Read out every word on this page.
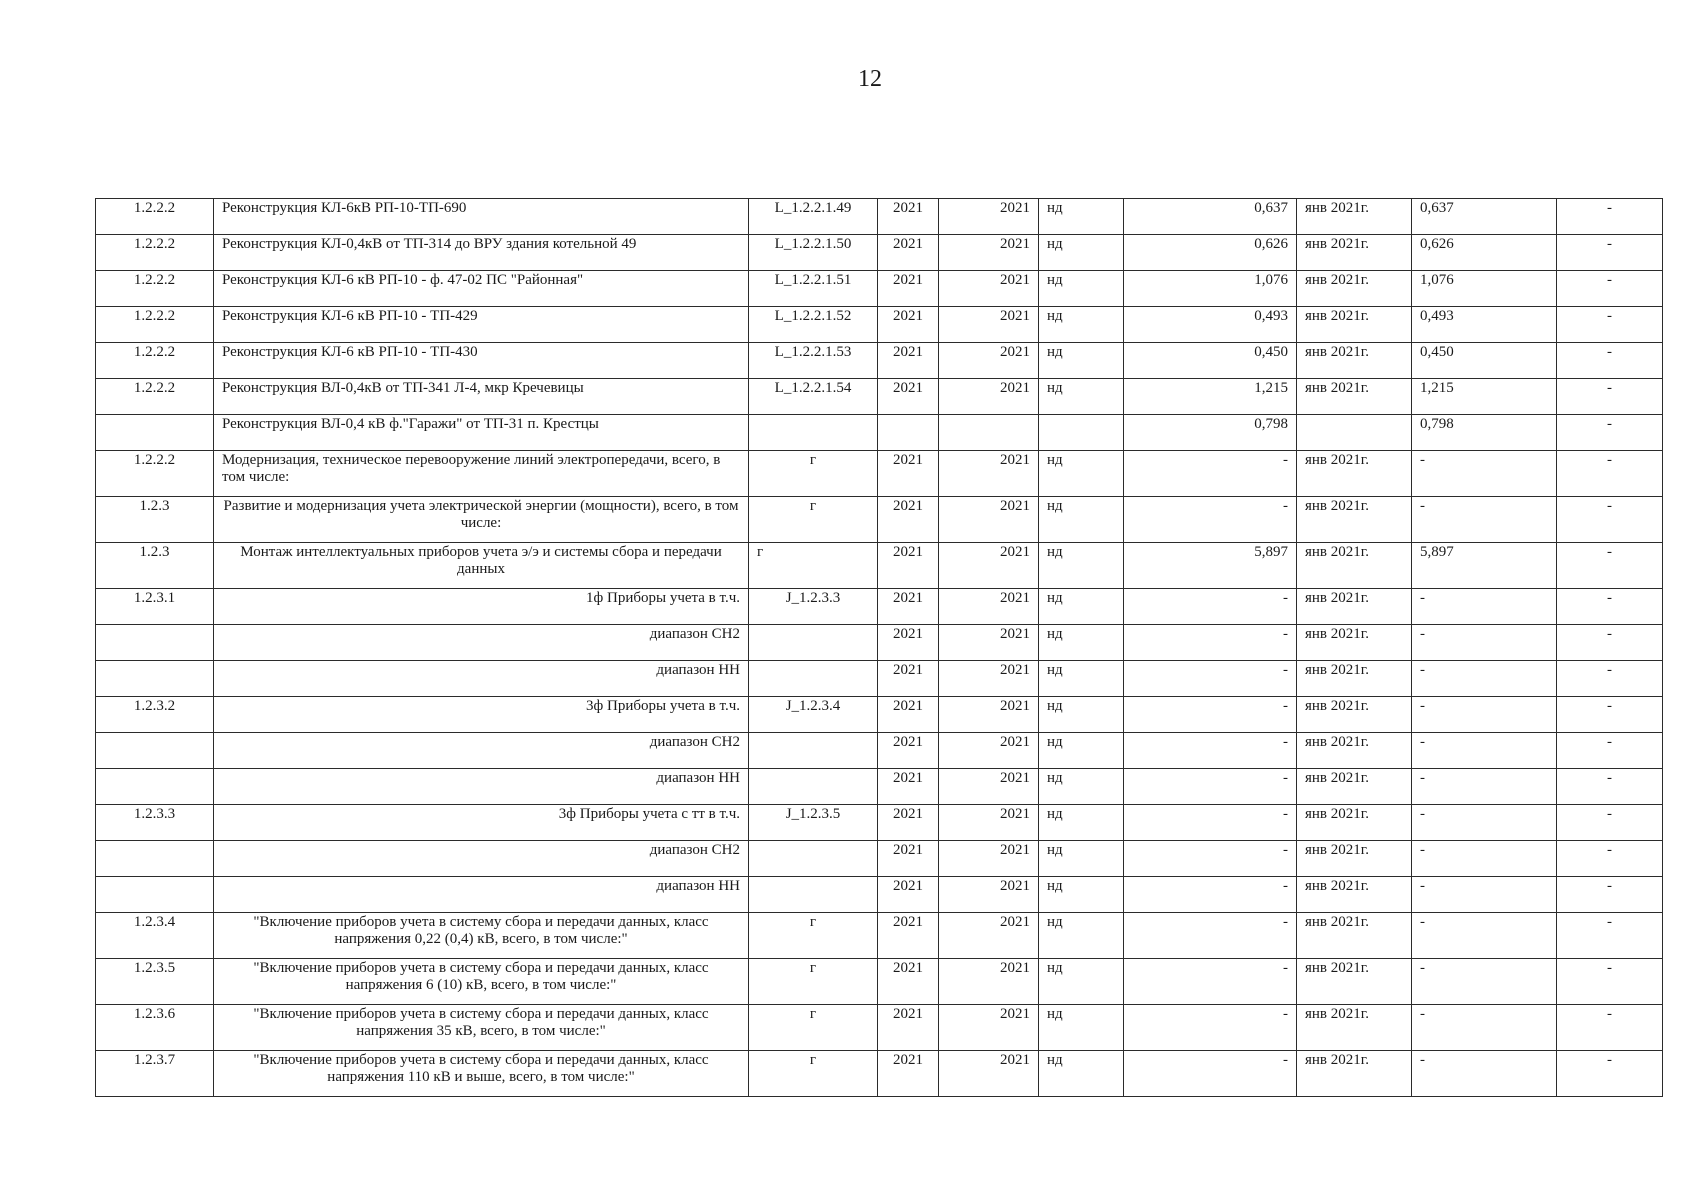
12
1.2.2.2	Реконструкция КЛ-6кВ РП-10-ТП-690	L_1.2.2.1.49	2021	2021	нд	0,637	янв 2021г.	0,637	-
1.2.2.2	Реконструкция КЛ-0,4кВ от ТП-314 до ВРУ здания котельной 49	L_1.2.2.1.50	2021	2021	нд	0,626	янв 2021г.	0,626	-
1.2.2.2	Реконструкция КЛ-6 кВ РП-10 - ф. 47-02 ПС "Районная"	L_1.2.2.1.51	2021	2021	нд	1,076	янв 2021г.	1,076	-
1.2.2.2	Реконструкция КЛ-6 кВ РП-10 - ТП-429	L_1.2.2.1.52	2021	2021	нд	0,493	янв 2021г.	0,493	-
1.2.2.2	Реконструкция КЛ-6 кВ РП-10 - ТП-430	L_1.2.2.1.53	2021	2021	нд	0,450	янв 2021г.	0,450	-
1.2.2.2	Реконструкция ВЛ-0,4кВ от ТП-341 Л-4, мкр Кречевицы	L_1.2.2.1.54	2021	2021	нд	1,215	янв 2021г.	1,215	-
	Реконструкция ВЛ-0,4 кВ ф."Гаражи" от ТП-31 п. Крестцы					0,798		0,798	-
1.2.2.2	Модернизация, техническое перевооружение линий электропередачи, всего, в том числе:	г	2021	2021	нд	-	янв 2021г.	-	-
1.2.3	Развитие и модернизация учета электрической энергии (мощности), всего, в том числе:	г	2021	2021	нд	-	янв 2021г.	-	-
1.2.3	Монтаж интеллектуальных приборов учета э/э и системы сбора и передачи данных	г	2021	2021	нд	5,897	янв 2021г.	5,897	-
1.2.3.1	1ф Приборы учета в т.ч.	J_1.2.3.3	2021	2021	нд	-	янв 2021г.	-	-
	диапазон СН2		2021	2021	нд	-	янв 2021г.	-	-
	диапазон НН		2021	2021	нд	-	янв 2021г.	-	-
1.2.3.2	3ф Приборы учета в т.ч.	J_1.2.3.4	2021	2021	нд	-	янв 2021г.	-	-
	диапазон СН2		2021	2021	нд	-	янв 2021г.	-	-
	диапазон НН		2021	2021	нд	-	янв 2021г.	-	-
1.2.3.3	3ф Приборы учета с тт в т.ч.	J_1.2.3.5	2021	2021	нд	-	янв 2021г.	-	-
	диапазон СН2		2021	2021	нд	-	янв 2021г.	-	-
	диапазон НН		2021	2021	нд	-	янв 2021г.	-	-
1.2.3.4	"Включение приборов учета в систему сбора и передачи данных, класс напряжения 0,22 (0,4) кВ, всего, в том числе:"	г	2021	2021	нд	-	янв 2021г.	-	-
1.2.3.5	"Включение приборов учета в систему сбора и передачи данных, класс напряжения 6 (10) кВ, всего, в том числе:"	г	2021	2021	нд	-	янв 2021г.	-	-
1.2.3.6	"Включение приборов учета в систему сбора и передачи данных, класс напряжения 35 кВ, всего, в том числе:"	г	2021	2021	нд	-	янв 2021г.	-	-
1.2.3.7	"Включение приборов учета в систему сбора и передачи данных, класс напряжения 110 кВ и выше, всего, в том числе:"	г	2021	2021	нд	-	янв 2021г.	-	-
